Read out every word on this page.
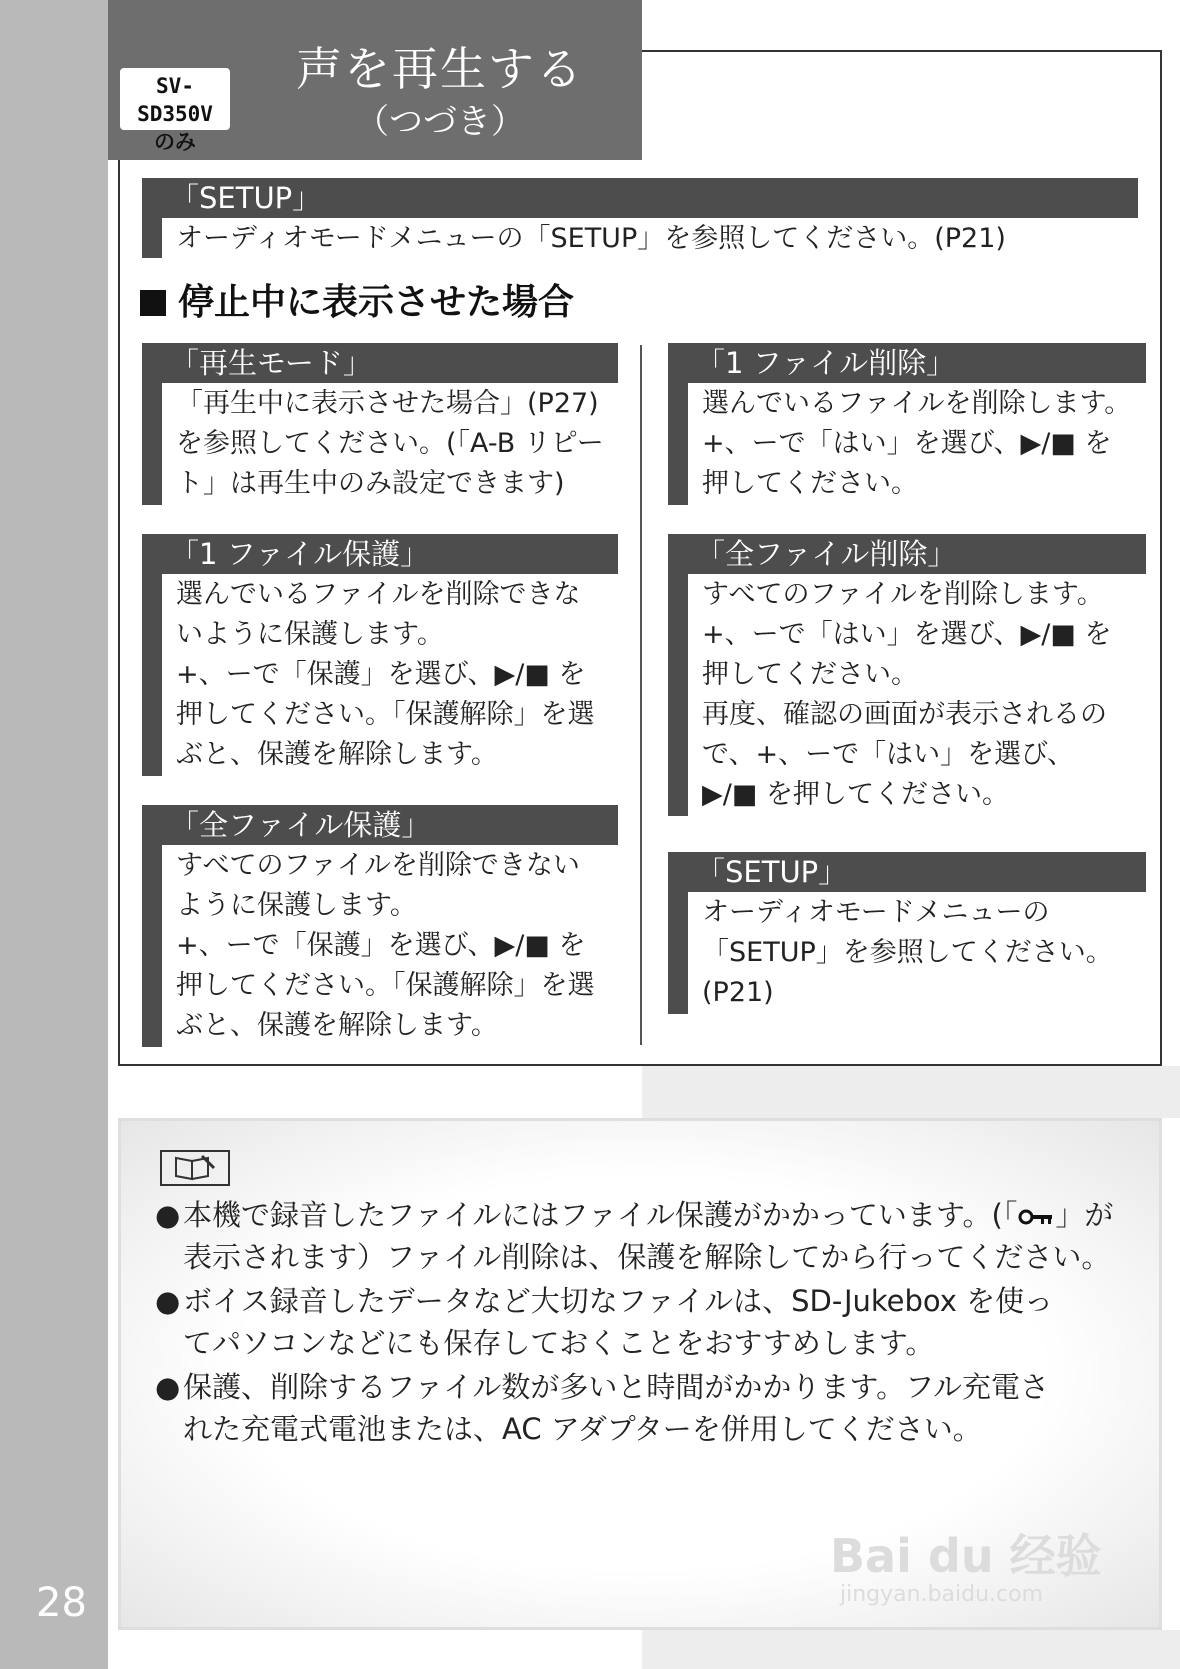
28
SV-SD350V
のみ
声を再生する
（つづき）
「SETUP」
オーディオモードメニューの「SETUP」を参照してください。(P21)
停止中に表示させた場合
「再生モード」
「再生中に表示させた場合」(P27)
を参照してください。(「A-B リピー
ト」は再生中のみ設定できます)
「1 ファイル保護」
選んでいるファイルを削除できな
いように保護します。
+、ーで「保護」を選び、▶/■ を
押してください。「保護解除」を選
ぶと、保護を解除します。
「全ファイル保護」
すべてのファイルを削除できない
ように保護します。
+、ーで「保護」を選び、▶/■ を
押してください。「保護解除」を選
ぶと、保護を解除します。
「1 ファイル削除」
選んでいるファイルを削除します。
+、ーで「はい」を選び、▶/■ を
押してください。
「全ファイル削除」
すべてのファイルを削除します。
+、ーで「はい」を選び、▶/■ を
押してください。
再度、確認の画面が表示されるの
で、+、ーで「はい」を選び、
▶/■ を押してください。
「SETUP」
オーディオモードメニューの
「SETUP」を参照してください。
(P21)
● 本機で録音したファイルにはファイル保護がかかっています。(「 」が
表示されます）ファイル削除は、保護を解除してから行ってください。
● ボイス録音したデータなど大切なファイルは、SD-Jukebox を使っ
てパソコンなどにも保存しておくことをおすすめします。
● 保護、削除するファイル数が多いと時間がかかります。フル充電さ
れた充電式電池または、AC アダプターを併用してください。
Bai du 经验
jingyan.baidu.com
